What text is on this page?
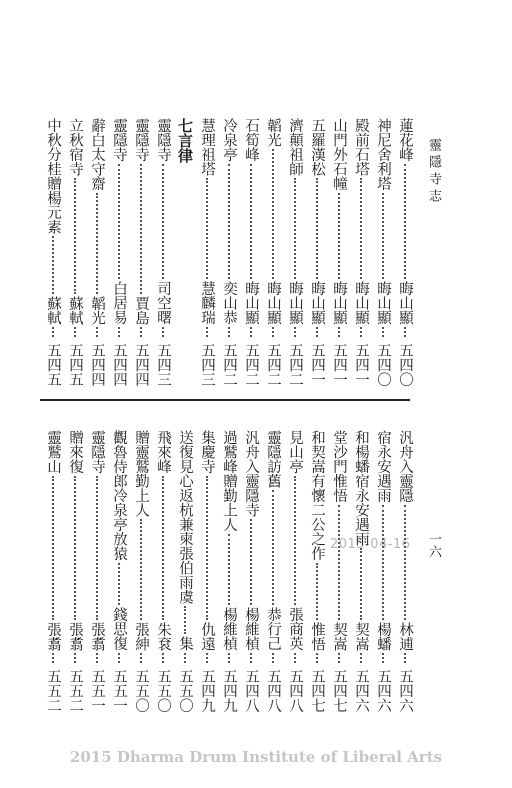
靈隱寺志
蓮花峰
晦山顯
五四〇
神尼舍利塔
晦山顯
五四〇
殿前石塔
晦山顯
五四一
山門外石幢
晦山顯
五四一
五羅漢松
晦山顯
五四一
濟顛祖師
晦山顯
五四二
韜光
晦山顯
五四二
石筍峰
晦山顯
五四二
冷泉亭
奕山恭
五四二
慧理祖塔
慧麟瑞
五四三
七言律
靈隱寺
司空曙
五四三
靈隱寺
賈島
五四四
靈隱寺
白居易
五四四
辭白太守齋
韜光
五四四
立秋宿寺
蘇軾
五四五
中秋分桂贈楊元素
蘇軾
五四五
一六
2015-04-16
汎舟入靈隱
林逋
五四六
宿永安遇雨
楊蟠
五四六
和楊蟠宿永安遇雨
契嵩
五四六
堂沙門惟悟
契嵩
五四七
和契嵩有懷二公之作
惟悟
五四七
見山亭
張商英
五四八
靈隱訪舊
恭行己
五四八
汎舟入靈隱寺
楊維楨
五四八
過鷲峰贈勤上人
楊維楨
五四九
集慶寺
仇遠
五四九
送復見心返杭兼柬張伯雨虞
集
五五〇
飛來峰
朱袞
五五〇
贈靈鷲勤上人
張紳
五五〇
觀魯侍郎冷泉亭放猿
錢思復
五五一
靈隱寺
張翥
五五一
贈來復
張翥
五五二
靈鷲山
張翥
五五二
2015 Dharma Drum Institute of Liberal Arts
